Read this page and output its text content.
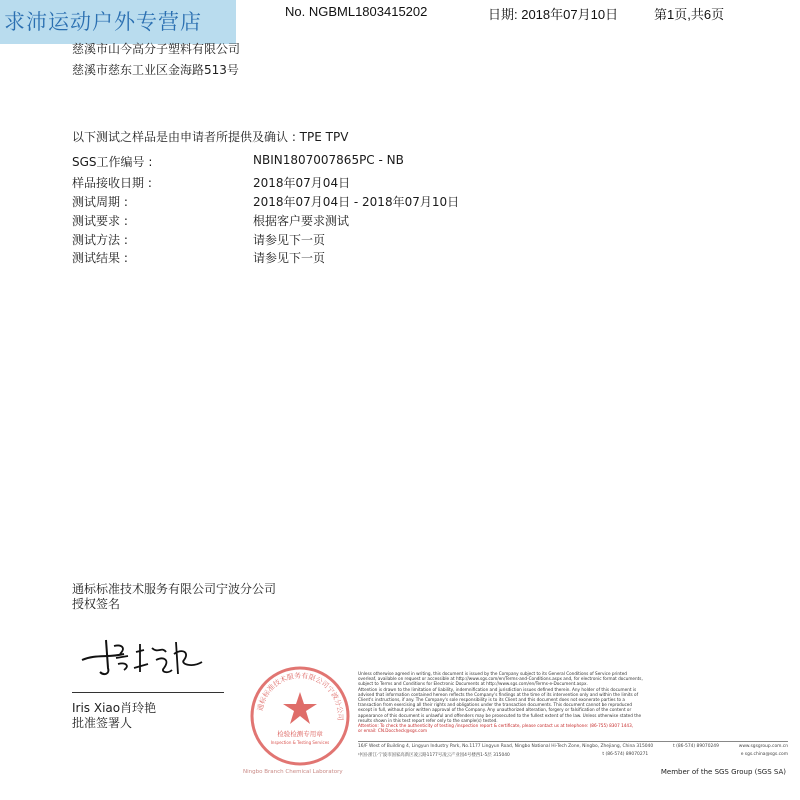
求沛运动户外专营店	No. NGBML1803415202	日期: 2018年07月10日	第1页,共6页
慈溪市山今高分子塑料有限公司
慈溪市慈东工业区金海路513号
以下测试之样品是由申请者所提供及确认 : TPE TPV
SGS工作编号 :	NBIN1807007865PC - NB
样品接收日期 :	2018年07月04日
测试周期 :	2018年07月04日 - 2018年07月10日
测试要求 :	根据客户要求测试
测试方法 :	请参见下一页
测试结果 :	请参见下一页
通标标准技术服务有限公司宁波分公司
授权签名
Iris Xiao肖玲艳
批准签署人
通标标准技术服务有限公司宁波分公司
检验检测专用章
Inspection & Testing Services
Ningbo Branch Chemical Laboratory
Unless otherwise agreed in writing, this document is issued by the Company subject to its General Conditions of Service printed
overleaf, available on request or accessible at http://www.sgs.com/en/Terms-and-Conditions.aspx and, for electronic format documents,
subject to Terms and Conditions for Electronic Documents at http://www.sgs.com/en/Terms-e-Document.aspx.
Attention is drawn to the limitation of liability, indemnification and jurisdiction issues defined therein. Any holder of this document is
advised that information contained hereon reflects the Company's findings at the time of its intervention only and within the limits of
Client's instructions, if any. The Company's sole responsibility is to its Client and this document does not exonerate parties to a
transaction from exercising all their rights and obligations under the transaction documents. This document cannot be reproduced
except in full, without prior written approval of the Company. Any unauthorized alteration, forgery or falsification of the content or
appearance of this document is unlawful and offenders may be prosecuted to the fullest extent of the law. Unless otherwise stated the
results shown in this test report refer only to the sample(s) tested.
Attention: To check the authenticity of testing /inspection report & certificate, please contact us at telephone: (86-755) 8307 1443,
or email: CN.Doccheck@sgs.com
16/F West of Building 4, Lingyun Industry Park, No.1177 Lingyun Road, Ningbo National Hi-Tech Zone, Ningbo, Zhejiang, China 315040	t (86-574) 89070249	www.sgsgroup.com.cn
中国·浙江·宁波市国家高新区凌云路1177号凌云产业园4号楼西1-5层 315040	t (86-574) 89070271	e sgs.china@sgs.com
Member of the SGS Group (SGS SA)
